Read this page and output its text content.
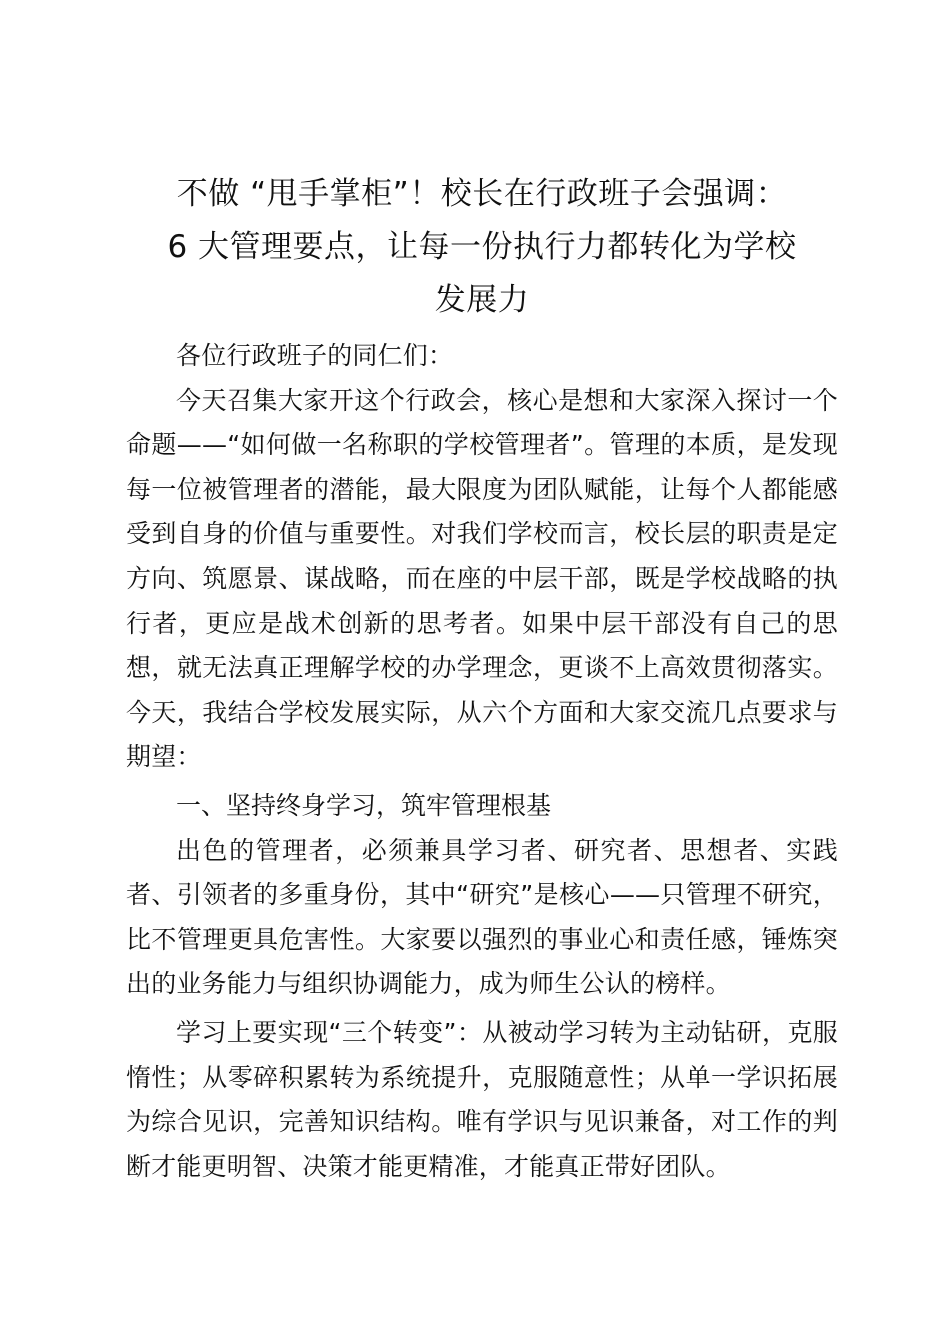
不做 “甩手掌柜”！校长在行政班子会强调：
6 大管理要点，让每一份执行力都转化为学校
发展力

各位行政班子的同仁们：

今天召集大家开这个行政会，核心是想和大家深入探讨一个命题——“如何做一名称职的学校管理者”。管理的本质，是发现每一位被管理者的潜能，最大限度为团队赋能，让每个人都能感受到自身的价值与重要性。对我们学校而言，校长层的职责是定方向、筑愿景、谋战略，而在座的中层干部，既是学校战略的执行者，更应是战术创新的思考者。如果中层干部没有自己的思想，就无法真正理解学校的办学理念，更谈不上高效贯彻落实。今天，我结合学校发展实际，从六个方面和大家交流几点要求与期望：

一、坚持终身学习，筑牢管理根基

出色的管理者，必须兼具学习者、研究者、思想者、实践者、引领者的多重身份，其中“研究”是核心——只管理不研究，比不管理更具危害性。大家要以强烈的事业心和责任感，锤炼突出的业务能力与组织协调能力，成为师生公认的榜样。

学习上要实现“三个转变”：从被动学习转为主动钻研，克服惰性；从零碎积累转为系统提升，克服随意性；从单一学识拓展为综合见识，完善知识结构。唯有学识与见识兼备，对工作的判断才能更明智、决策才能更精准，才能真正带好团队。
